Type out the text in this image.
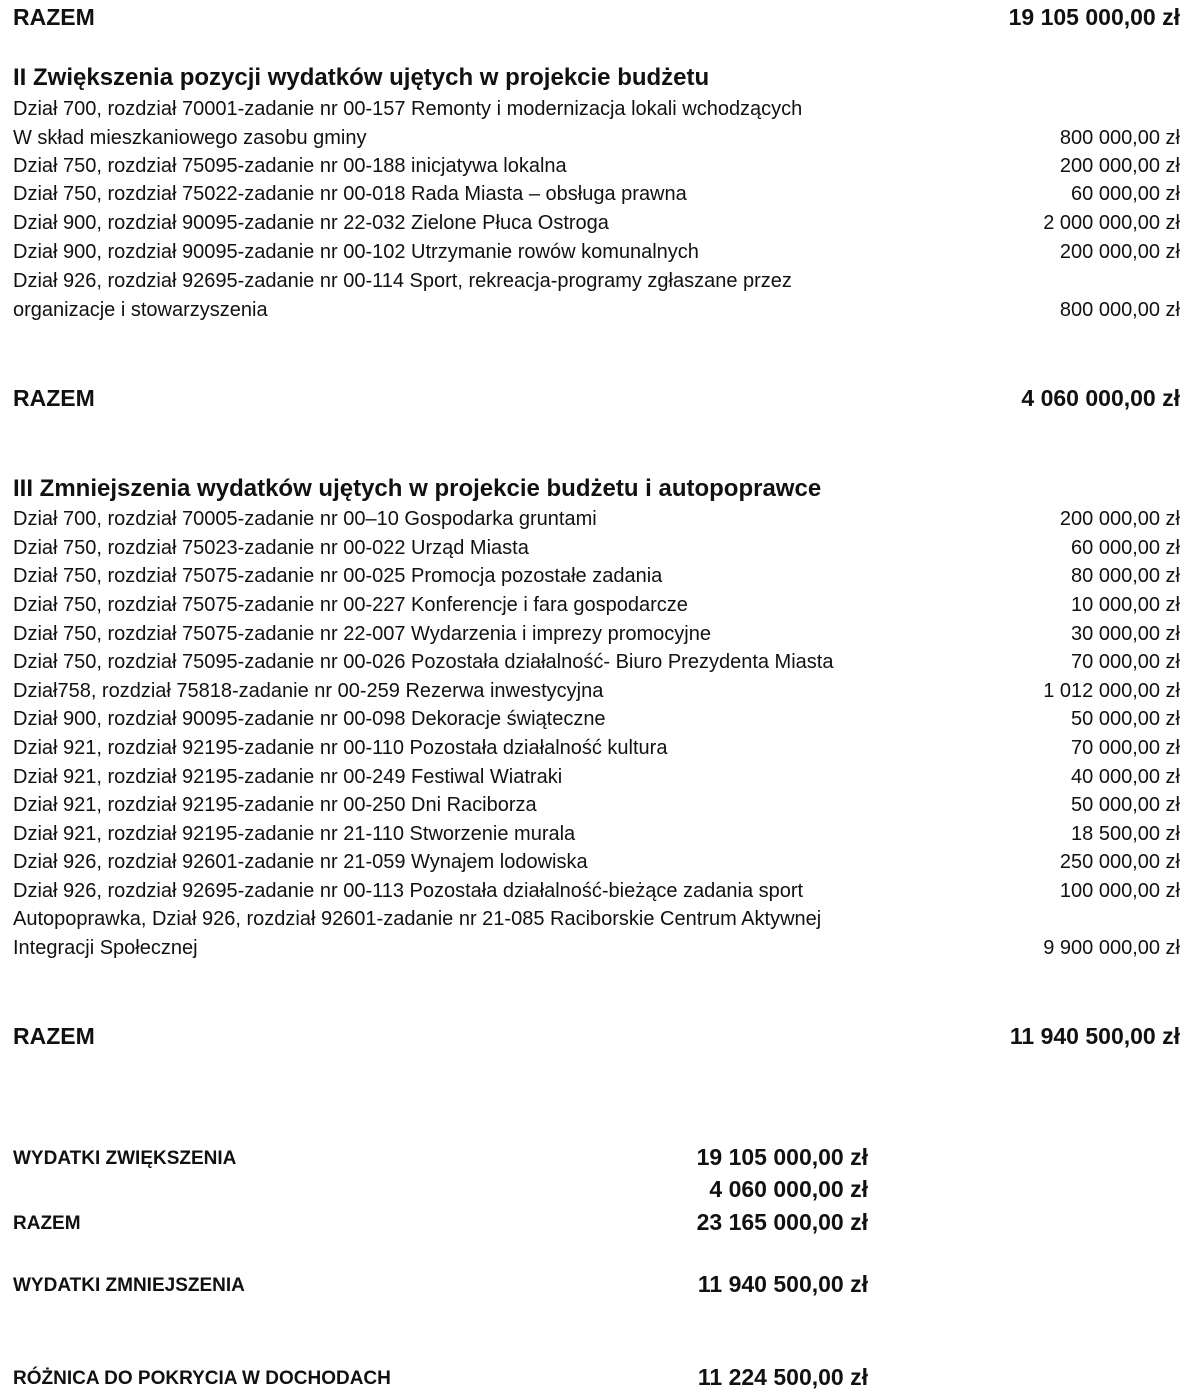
RAZEM	19 105 000,00 zł
II Zwiększenia pozycji wydatków ujętych w projekcie budżetu
Dział 700, rozdział 70001-zadanie nr 00-157 Remonty i modernizacja lokali wchodzących
W skład mieszkaniowego zasobu gminy	800 000,00 zł
Dział 750, rozdział 75095-zadanie nr 00-188 inicjatywa lokalna	200 000,00 zł
Dział 750, rozdział 75022-zadanie nr 00-018 Rada Miasta – obsługa prawna	60 000,00 zł
Dział 900, rozdział 90095-zadanie nr 22-032 Zielone Płuca Ostroga	2 000 000,00 zł
Dział 900, rozdział 90095-zadanie nr 00-102 Utrzymanie rowów komunalnych	200 000,00 zł
Dział 926, rozdział 92695-zadanie nr 00-114 Sport, rekreacja-programy zgłaszane przez
organizacje i stowarzyszenia	800 000,00 zł
RAZEM	4 060 000,00 zł
III Zmniejszenia wydatków ujętych w projekcie budżetu i autopoprawce
Dział 700, rozdział 70005-zadanie nr 00–10 Gospodarka gruntami	200 000,00 zł
Dział 750, rozdział 75023-zadanie nr 00-022 Urząd Miasta	60 000,00 zł
Dział 750, rozdział 75075-zadanie nr 00-025 Promocja pozostałe zadania	80 000,00 zł
Dział 750, rozdział 75075-zadanie nr 00-227 Konferencje i fara gospodarcze	10 000,00 zł
Dział 750, rozdział 75075-zadanie nr 22-007 Wydarzenia i imprezy promocyjne	30 000,00 zł
Dział 750, rozdział 75095-zadanie nr 00-026 Pozostała działalność- Biuro Prezydenta Miasta	70 000,00 zł
Dział758, rozdział 75818-zadanie nr 00-259 Rezerwa inwestycyjna	1 012 000,00 zł
Dział 900, rozdział 90095-zadanie nr 00-098 Dekoracje świąteczne	50 000,00 zł
Dział 921, rozdział 92195-zadanie nr 00-110 Pozostała działalność kultura	70 000,00 zł
Dział 921, rozdział 92195-zadanie nr 00-249 Festiwal Wiatraki	40 000,00 zł
Dział 921, rozdział 92195-zadanie nr 00-250 Dni Raciborza	50 000,00 zł
Dział 921, rozdział 92195-zadanie nr 21-110 Stworzenie murala	18 500,00 zł
Dział 926, rozdział 92601-zadanie nr 21-059 Wynajem lodowiska	250 000,00 zł
Dział 926, rozdział 92695-zadanie nr 00-113 Pozostała działalność-bieżące zadania sport	100 000,00 zł
Autopoprawka, Dział 926, rozdział 92601-zadanie nr 21-085 Raciborskie Centrum Aktywnej
Integracji Społecznej	9 900 000,00 zł
RAZEM	11 940 500,00 zł
WYDATKI ZWIĘKSZENIA	19 105 000,00 zł
4 060 000,00 zł
RAZEM	23 165 000,00 zł
WYDATKI ZMNIEJSZENIA	11 940 500,00 zł
RÓŻNICA DO POKRYCIA W DOCHODACH	11 224 500,00 zł
